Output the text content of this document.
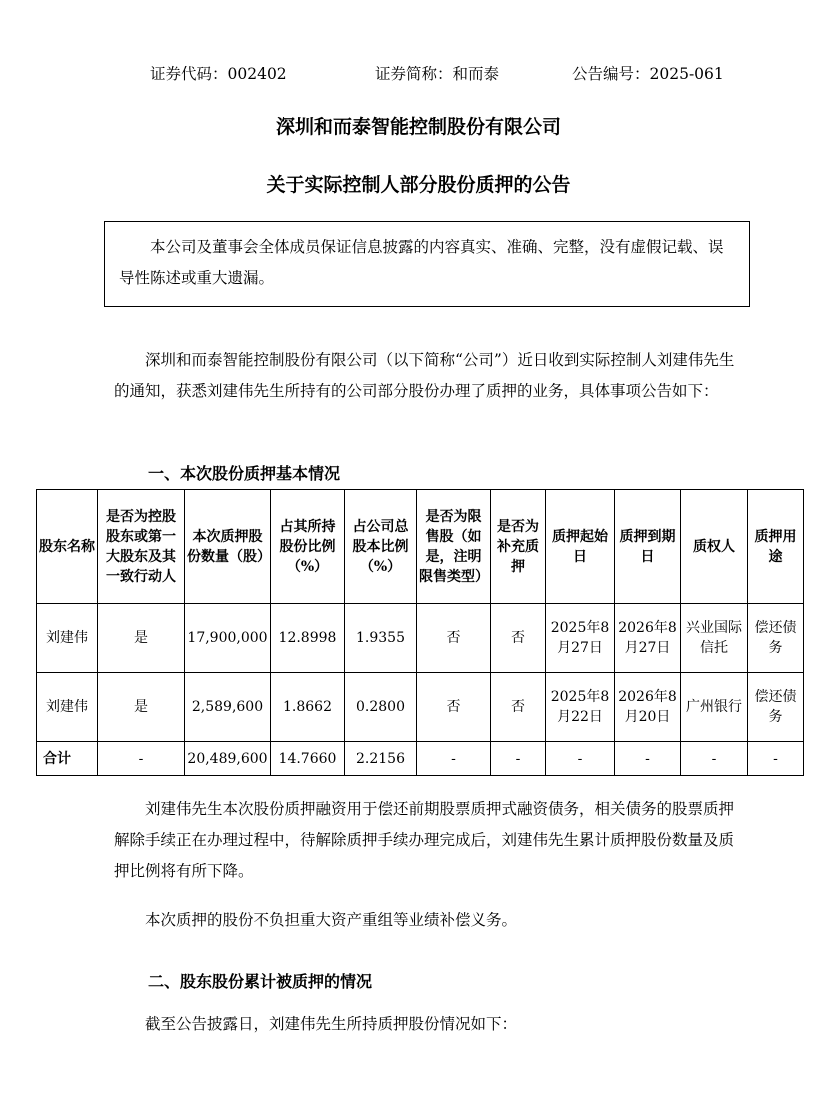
证券代码：002402	证券简称：和而泰	公告编号：2025-061
深圳和而泰智能控制股份有限公司
关于实际控制人部分股份质押的公告

本公司及董事会全体成员保证信息披露的内容真实、准确、完整，没有虚假记载、误导性陈述或重大遗漏。

深圳和而泰智能控制股份有限公司（以下简称“公司”）近日收到实际控制人刘建伟先生的通知，获悉刘建伟先生所持有的公司部分股份办理了质押的业务，具体事项公告如下：

一、本次股份质押基本情况
股东名称	是否为控股股东或第一大股东及其一致行动人	本次质押股份数量（股）	占其所持股份比例（%）	占公司总股本比例（%）	是否为限售股（如是，注明限售类型）	是否为补充质押	质押起始日	质押到期日	质权人	质押用途
刘建伟	是	17,900,000	12.8998	1.9355	否	否	2025年8月27日	2026年8月27日	兴业国际信托	偿还债务
刘建伟	是	2,589,600	1.8662	0.2800	否	否	2025年8月22日	2026年8月20日	广州银行	偿还债务
合计	-	20,489,600	14.7660	2.2156	-	-	-	-	-	-

刘建伟先生本次股份质押融资用于偿还前期股票质押式融资债务，相关债务的股票质押解除手续正在办理过程中，待解除质押手续办理完成后，刘建伟先生累计质押股份数量及质押比例将有所下降。

本次质押的股份不负担重大资产重组等业绩补偿义务。

二、股东股份累计被质押的情况

截至公告披露日，刘建伟先生所持质押股份情况如下：
